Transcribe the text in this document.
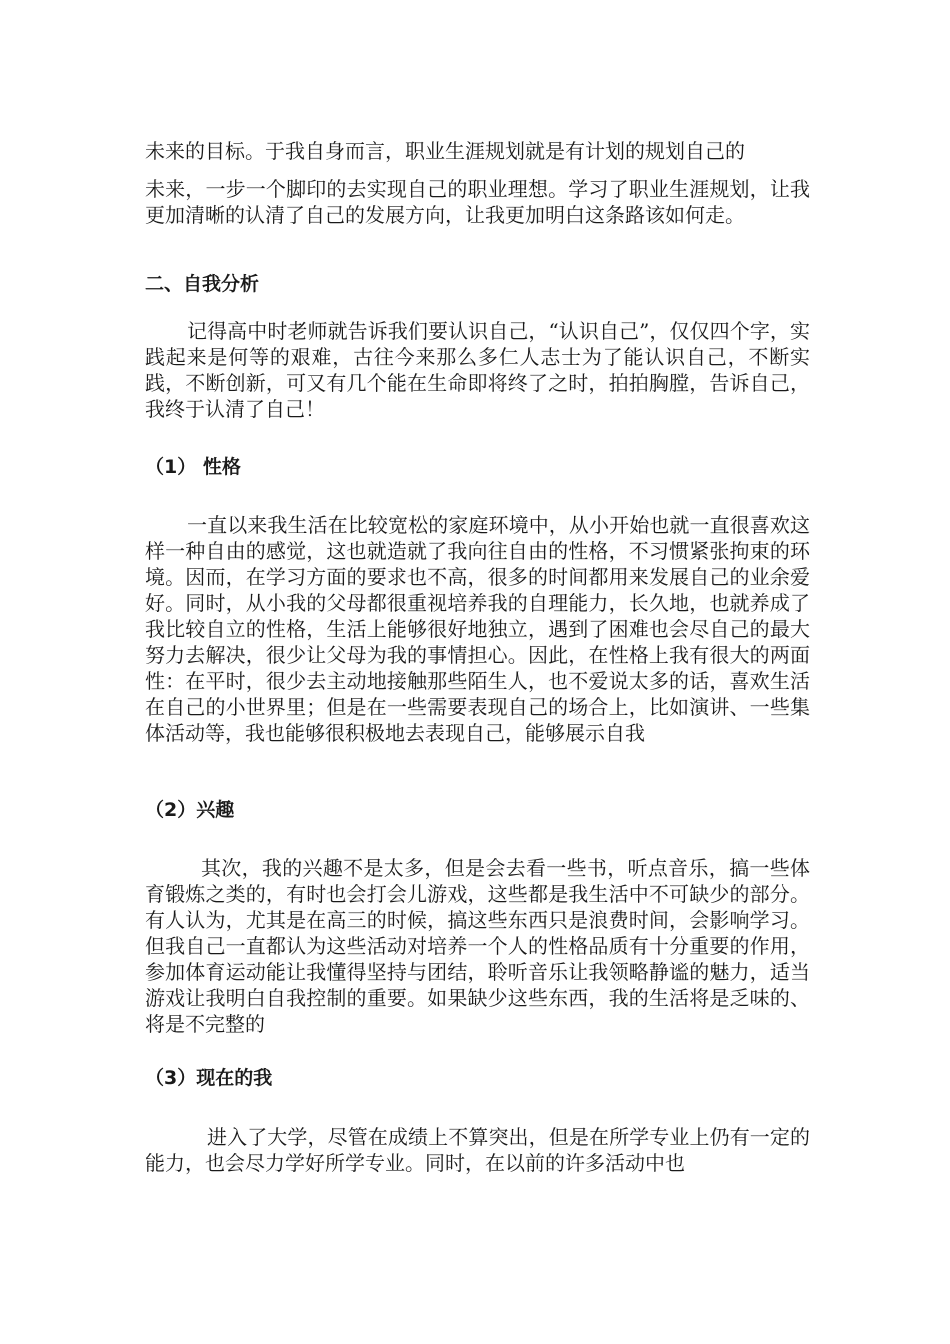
未来的目标。于我自身而言，职业生涯规划就是有计划的规划自己的

未来，一步一个脚印的去实现自己的职业理想。学习了职业生涯规划，让我更加清晰的认清了自己的发展方向，让我更加明白这条路该如何走。

二、自我分析

记得高中时老师就告诉我们要认识自己，“认识自己”，仅仅四个字，实践起来是何等的艰难，古往今来那么多仁人志士为了能认识自己，不断实践，不断创新，可又有几个能在生命即将终了之时，拍拍胸膛，告诉自己，我终于认清了自己！

（1） 性格

一直以来我生活在比较宽松的家庭环境中，从小开始也就一直很喜欢这样一种自由的感觉，这也就造就了我向往自由的性格，不习惯紧张拘束的环境。因而，在学习方面的要求也不高，很多的时间都用来发展自己的业余爱好。同时，从小我的父母都很重视培养我的自理能力，长久地，也就养成了我比较自立的性格，生活上能够很好地独立，遇到了困难也会尽自己的最大努力去解决，很少让父母为我的事情担心。因此，在性格上我有很大的两面性：在平时，很少去主动地接触那些陌生人，也不爱说太多的话，喜欢生活在自己的小世界里；但是在一些需要表现自己的场合上，比如演讲、一些集体活动等，我也能够很积极地去表现自己，能够展示自我

（2）兴趣

其次，我的兴趣不是太多，但是会去看一些书，听点音乐，搞一些体育锻炼之类的，有时也会打会儿游戏，这些都是我生活中不可缺少的部分。有人认为，尤其是在高三的时候，搞这些东西只是浪费时间，会影响学习。但我自己一直都认为这些活动对培养一个人的性格品质有十分重要的作用，参加体育运动能让我懂得坚持与团结，聆听音乐让我领略静谧的魅力，适当游戏让我明白自我控制的重要。如果缺少这些东西，我的生活将是乏味的、将是不完整的

（3）现在的我

进入了大学，尽管在成绩上不算突出，但是在所学专业上仍有一定的能力，也会尽力学好所学专业。同时，在以前的许多活动中也
